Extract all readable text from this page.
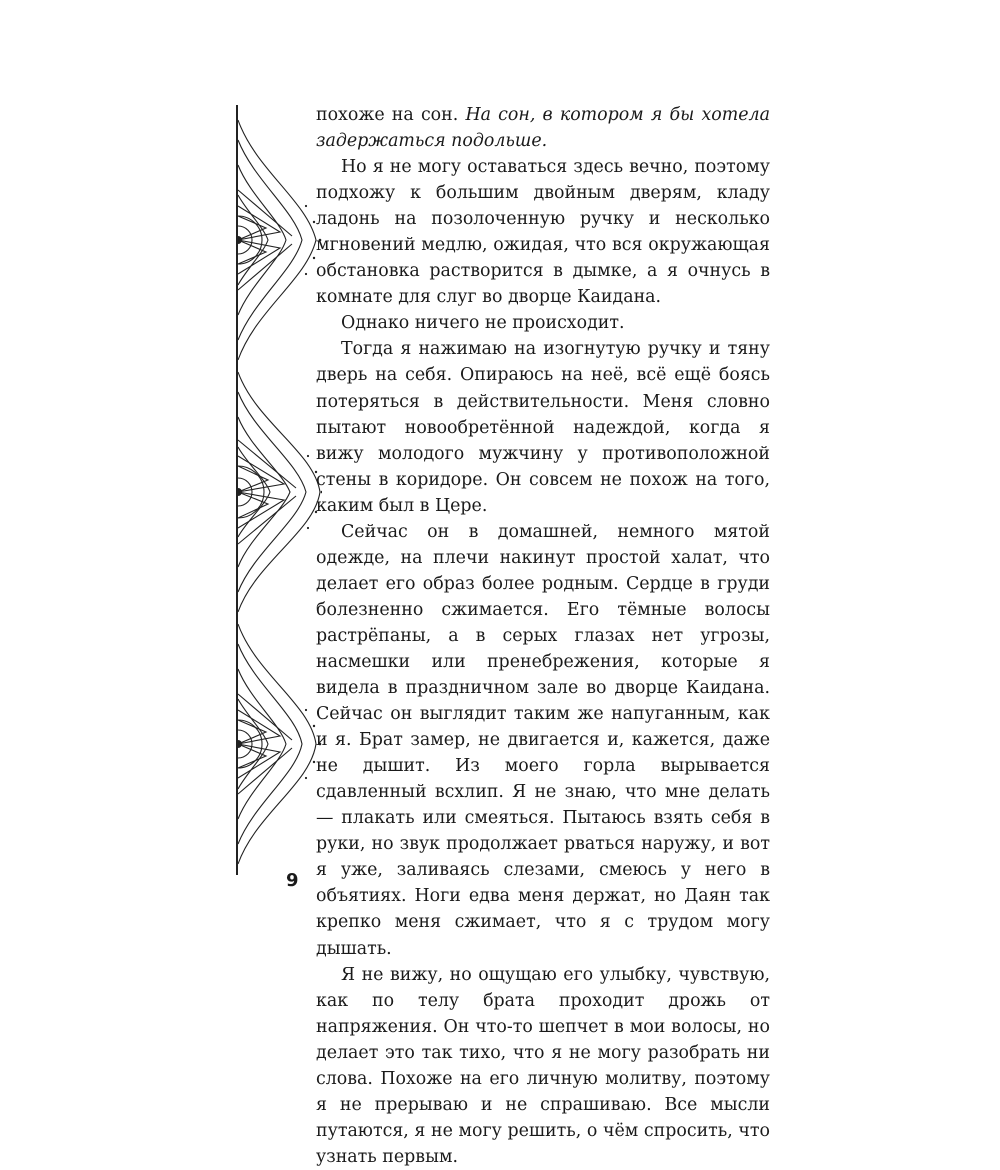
похоже на сон. На сон, в котором я бы хотела задержаться подольше.

Но я не могу оставаться здесь вечно, поэтому подхожу к большим двойным дверям, кладу ладонь на позолоченную ручку и несколько мгновений медлю, ожидая, что вся окружающая обстановка растворится в дымке, а я очнусь в комнате для слуг во дворце Каидана.

Однако ничего не происходит.

Тогда я нажимаю на изогнутую ручку и тяну дверь на себя. Опираюсь на неё, всё ещё боясь потеряться в действительности. Меня словно пытают новообретённой надеждой, когда я вижу молодого мужчину у противоположной стены в коридоре. Он совсем не похож на того, каким был в Цере.

Сейчас он в домашней, немного мятой одежде, на плечи накинут простой халат, что делает его образ более родным. Сердце в груди болезненно сжимается. Его тёмные волосы растрёпаны, а в серых глазах нет угрозы, насмешки или пренебрежения, которые я видела в праздничном зале во дворце Каидана. Сейчас он выглядит таким же напуганным, как и я. Брат замер, не двигается и, кажется, даже не дышит. Из моего горла вырывается сдавленный всхлип. Я не знаю, что мне делать — плакать или смеяться. Пытаюсь взять себя в руки, но звук продолжает рваться наружу, и вот я уже, заливаясь слезами, смеюсь у него в объятиях. Ноги едва меня держат, но Даян так крепко меня сжимает, что я с трудом могу дышать.

Я не вижу, но ощущаю его улыбку, чувствую, как по телу брата проходит дрожь от напряжения. Он что-то шепчет в мои волосы, но делает это так тихо, что я не могу разобрать ни слова. Похоже на его личную молитву, поэтому я не прерываю и не спрашиваю. Все мысли путаются, я не могу решить, о чём спросить, что узнать первым.

9
